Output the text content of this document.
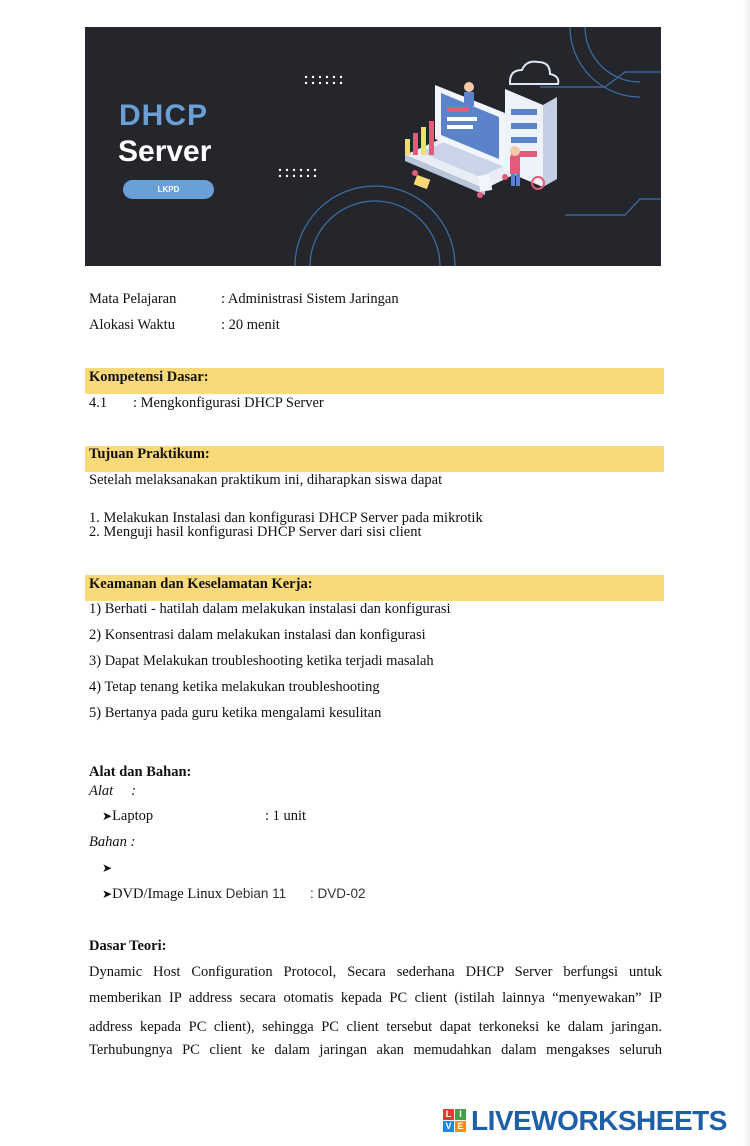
DHCP
Server
LKPD
Mata Pelajaran	: Administrasi Sistem Jaringan
Alokasi Waktu	: 20 menit
Kompetensi Dasar:
4.1 : Mengkonfigurasi DHCP Server
Tujuan Praktikum:
Setelah melaksanakan praktikum ini, diharapkan siswa dapat
1. Melakukan Instalasi dan konfigurasi DHCP Server pada mikrotik
2. Menguji hasil konfigurasi DHCP Server dari sisi client
Keamanan dan Keselamatan Kerja:
1) Berhati - hatilah dalam melakukan instalasi dan konfigurasi
2) Konsentrasi dalam melakukan instalasi dan konfigurasi
3) Dapat Melakukan troubleshooting ketika terjadi masalah
4) Tetap tenang ketika melakukan troubleshooting
5) Bertanya pada guru ketika mengalami kesulitan
Alat dan Bahan:
Alat     :
➤Laptop	: 1 unit
Bahan :
➤
➤DVD/Image Linux Debian 11 : DVD-02
Dasar Teori:
Dynamic Host Configuration Protocol, Secara sederhana DHCP Server berfungsi untuk
memberikan IP address secara otomatis kepada PC client (istilah lainnya “menyewakan” IP
address kepada PC client), sehingga PC client tersebut dapat terkoneksi ke dalam jaringan.
Terhubungnya PC client ke dalam jaringan akan memudahkan dalam mengakses seluruh
L I
V E LIVEWORKSHEETS
